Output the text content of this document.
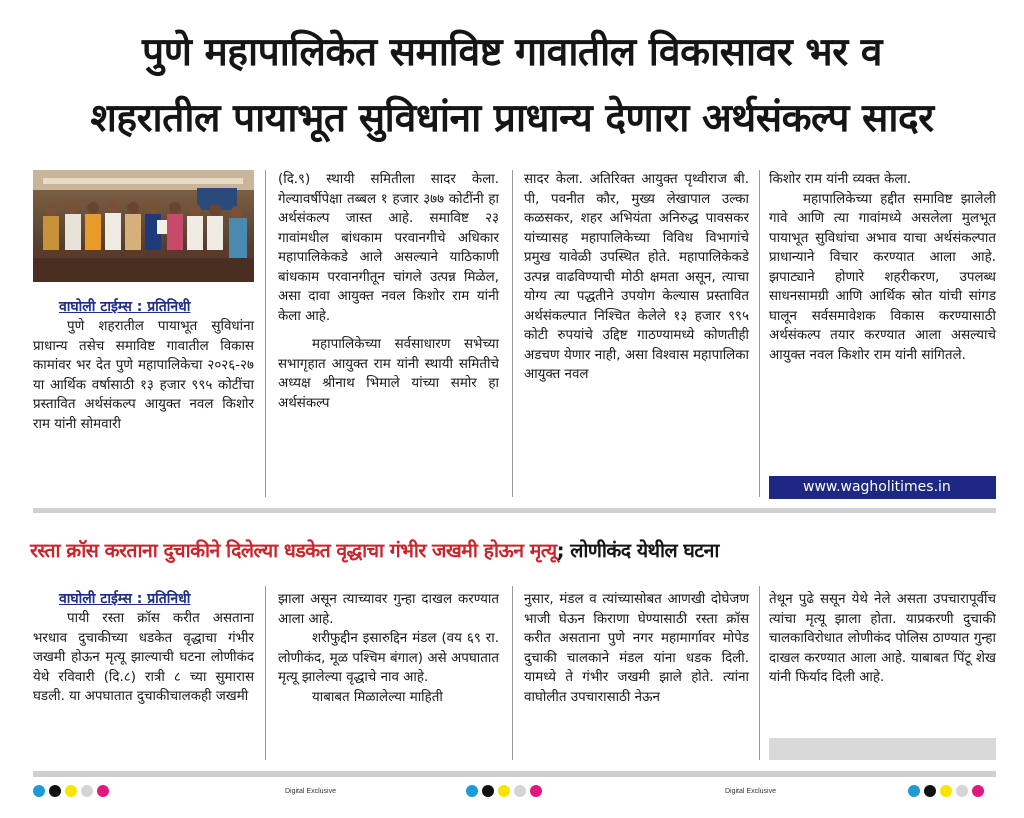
पुणे महापालिकेत समाविष्ट गावातील विकासावर भर व
शहरातील पायाभूत सुविधांना प्राधान्य देणारा अर्थसंकल्प सादर
वाघोली टाईम्स : प्रतिनिधी

पुणे शहरातील पायाभूत सुविधांना प्राधान्य तसेच समाविष्ट गावातील विकास कामांवर भर देत पुणे महापालिकेचा २०२६-२७ या आर्थिक वर्षासाठी १३ हजार ९९५ कोटींचा प्रस्तावित अर्थसंकल्प आयुक्त नवल किशोर राम यांनी सोमवारी

(दि.९) स्थायी समितीला सादर केला. गेल्यावर्षीपेक्षा तब्बल १ हजार ३७७ कोटींनी हा अर्थसंकल्प जास्त आहे. समाविष्ट २३ गावांमधील बांधकाम परवानगीचे अधिकार महापालिकेकडे आले असल्याने याठिकाणी बांधकाम परवानगीतून चांगले उत्पन्न मिळेल, असा दावा आयुक्त नवल किशोर राम यांनी केला आहे.

महापालिकेच्या सर्वसाधारण सभेच्या सभागृहात आयुक्त राम यांनी स्थायी समितीचे अध्यक्ष श्रीनाथ भिमाले यांच्या समोर हा अर्थसंकल्प

सादर केला. अतिरिक्त आयुक्त पृथ्वीराज बी. पी, पवनीत कौर, मुख्य लेखापाल उल्का कळसकर, शहर अभियंता अनिरुद्ध पावसकर यांच्यासह महापालिकेच्या विविध विभागांचे प्रमुख यावेळी उपस्थित होते. महापालिकेकडे उत्पन्न वाढविण्याची मोठी क्षमता असून, त्याचा योग्य त्या पद्धतीने उपयोग केल्यास प्रस्तावित अर्थसंकल्पात निश्चित केलेले १३ हजार ९९५ कोटी रुपयांचे उद्दिष्ट गाठण्यामध्ये कोणतीही अडचण येणार नाही, असा विश्वास महापालिका आयुक्त नवल

किशोर राम यांनी व्यक्त केला.

महापालिकेच्या हद्दीत समाविष्ट झालेली गावे आणि त्या गावांमध्ये असलेला मुलभूत पायाभूत सुविधांचा अभाव याचा अर्थसंकल्पात प्राधान्याने विचार करण्यात आला आहे. झपाट्याने होणारे शहरीकरण, उपलब्ध साधनसामग्री आणि आर्थिक स्रोत यांची सांगड घालून सर्वसमावेशक विकास करण्यासाठी अर्थसंकल्प तयार करण्यात आला असल्याचे आयुक्त नवल किशोर राम यांनी सांगितले.

www.wagholitimes.in
रस्ता क्रॉस करताना दुचाकीने दिलेल्या धडकेत वृद्धाचा गंभीर जखमी होऊन मृत्यू; लोणीकंद येथील घटना
वाघोली टाईम्स : प्रतिनिधी

पायी रस्ता क्रॉस करीत असताना भरधाव दुचाकीच्या धडकेत वृद्धाचा गंभीर जखमी होऊन मृत्यू झाल्याची घटना लोणीकंद येथे रविवारी (दि.८) रात्री ८ च्या सुमारास घडली. या अपघातात दुचाकीचालकही जखमी

झाला असून त्याच्यावर गुन्हा दाखल करण्यात आला आहे.

शरीफुद्दीन इसारुद्दिन मंडल (वय ६९ रा. लोणीकंद, मूळ पश्चिम बंगाल) असे अपघातात मृत्यू झालेल्या वृद्धाचे नाव आहे.

याबाबत मिळालेल्या माहिती

नुसार, मंडल व त्यांच्यासोबत आणखी दोघेजण भाजी घेऊन किराणा घेण्यासाठी रस्ता क्रॉस करीत असताना पुणे नगर महामार्गावर मोपेड दुचाकी चालकाने मंडल यांना धडक दिली. यामध्ये ते गंभीर जखमी झाले होते. त्यांना वाघोलीत उपचारासाठी नेऊन

तेथून पुढे ससून येथे नेले असता उपचारापूर्वीच त्यांचा मृत्यू झाला होता. याप्रकरणी दुचाकी चालकाविरोधात लोणीकंद पोलिस ठाण्यात गुन्हा दाखल करण्यात आला आहे. याबाबत पिंटू शेख यांनी फिर्याद दिली आहे.

Digital Exclusive	Digital Exclusive
